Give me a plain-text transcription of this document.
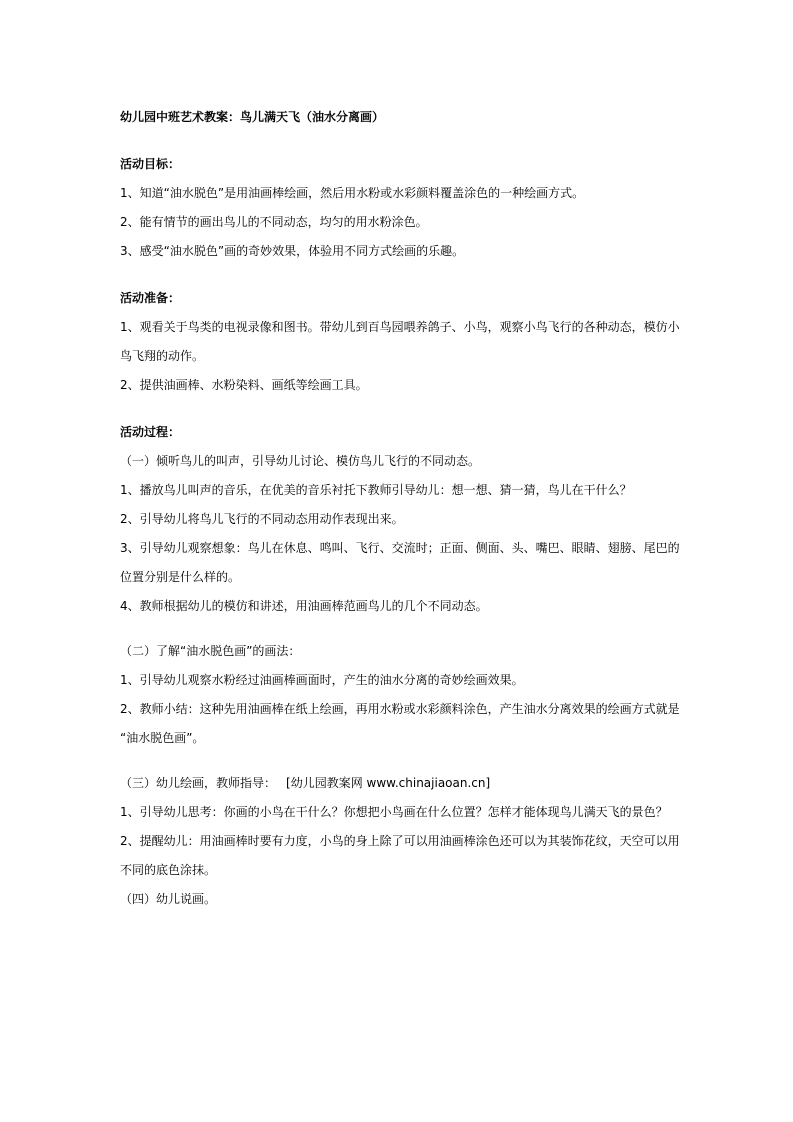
幼儿园中班艺术教案：鸟儿满天飞（油水分离画）

活动目标：

1、知道“油水脱色”是用油画棒绘画，然后用水粉或水彩颜料覆盖涂色的一种绘画方式。

2、能有情节的画出鸟儿的不同动态，均匀的用水粉涂色。

3、感受“油水脱色”画的奇妙效果，体验用不同方式绘画的乐趣。

活动准备：

1、观看关于鸟类的电视录像和图书。带幼儿到百鸟园喂养鸽子、小鸟，观察小鸟飞行的各种动态，模仿小

鸟飞翔的动作。

2、提供油画棒、水粉染料、画纸等绘画工具。

活动过程：

（一）倾听鸟儿的叫声，引导幼儿讨论、模仿鸟儿飞行的不同动态。

1、播放鸟儿叫声的音乐，在优美的音乐衬托下教师引导幼儿：想一想、猜一猜，鸟儿在干什么？

2、引导幼儿将鸟儿飞行的不同动态用动作表现出来。

3、引导幼儿观察想象：鸟儿在休息、鸣叫、飞行、交流时；正面、侧面、头、嘴巴、眼睛、翅膀、尾巴的

位置分别是什么样的。

4、教师根据幼儿的模仿和讲述，用油画棒范画鸟儿的几个不同动态。

（二）了解“油水脱色画”的画法：

1、引导幼儿观察水粉经过油画棒画面时，产生的油水分离的奇妙绘画效果。

2、教师小结：这种先用油画棒在纸上绘画，再用水粉或水彩颜料涂色，产生油水分离效果的绘画方式就是

“油水脱色画”。

（三）幼儿绘画，教师指导： [幼儿园教案网 www.chinajiaoan.cn]

1、引导幼儿思考：你画的小鸟在干什么？你想把小鸟画在什么位置？怎样才能体现鸟儿满天飞的景色？

2、提醒幼儿：用油画棒时要有力度，小鸟的身上除了可以用油画棒涂色还可以为其装饰花纹，天空可以用

不同的底色涂抹。

（四）幼儿说画。
